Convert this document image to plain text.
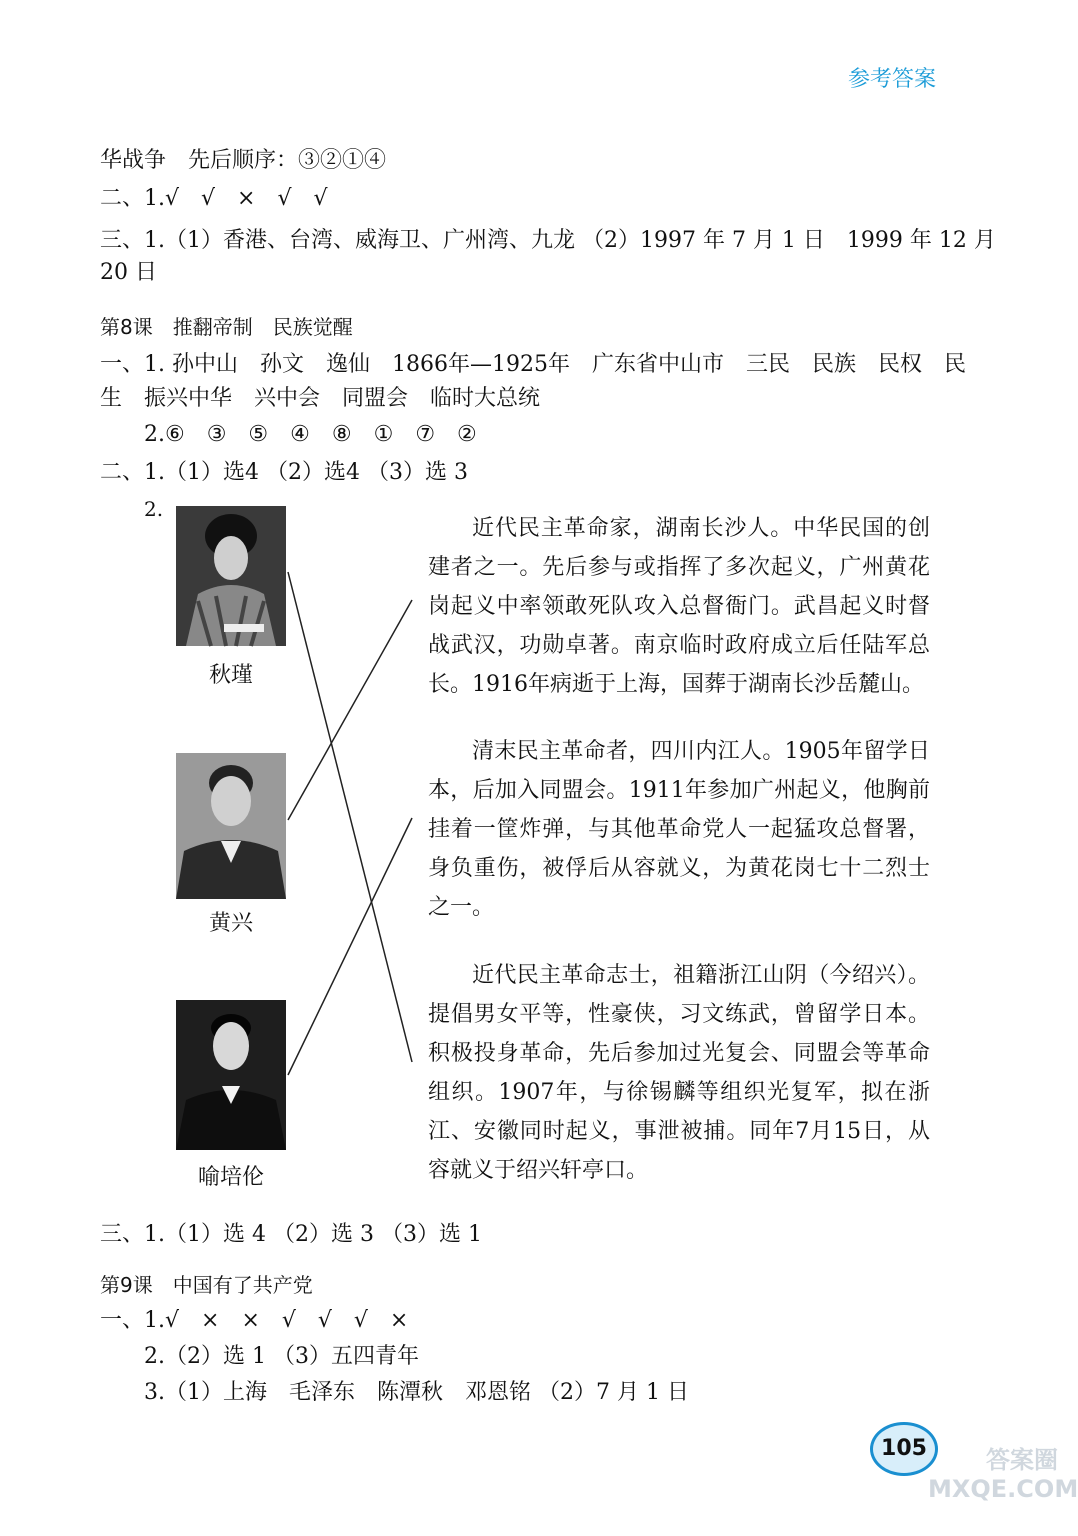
参考答案
华战争　先后顺序：③②①④
二、1.√　√　×　√　√
三、1.（1）香港、台湾、威海卫、广州湾、九龙 （2）1997 年 7 月 1 日　1999 年 12 月
20 日
第8课　推翻帝制　民族觉醒
一、1. 孙中山　孙文　逸仙　1866年—1925年　广东省中山市　三民　民族　民权　民
生　振兴中华　兴中会　同盟会　临时大总统
2.⑥　③　⑤　④　⑧　①　⑦　②
二、1.（1）选4 （2）选4 （3）选 3
2.
秋瑾
黄兴
喻培伦
近代民主革命家，湖南长沙人。中华民国的创建者之一。先后参与或指挥了多次起义，广州黄花岗起义中率领敢死队攻入总督衙门。武昌起义时督战武汉，功勋卓著。南京临时政府成立后任陆军总长。1916年病逝于上海，国葬于湖南长沙岳麓山。
清末民主革命者，四川内江人。1905年留学日本，后加入同盟会。1911年参加广州起义，他胸前挂着一筐炸弹，与其他革命党人一起猛攻总督署，身负重伤，被俘后从容就义，为黄花岗七十二烈士之一。
近代民主革命志士，祖籍浙江山阴（今绍兴）。提倡男女平等，性豪侠，习文练武，曾留学日本。积极投身革命，先后参加过光复会、同盟会等革命组织。1907年，与徐锡麟等组织光复军，拟在浙江、安徽同时起义，事泄被捕。同年7月15日，从容就义于绍兴轩亭口。
三、1.（1）选 4 （2）选 3 （3）选 1
第9课　中国有了共产党
一、1.√　×　×　√　√　√　×
2.（2）选 1 （3）五四青年
3.（1）上海　毛泽东　陈潭秋　邓恩铭 （2）7 月 1 日
105	答案圈 MXQE.COM
